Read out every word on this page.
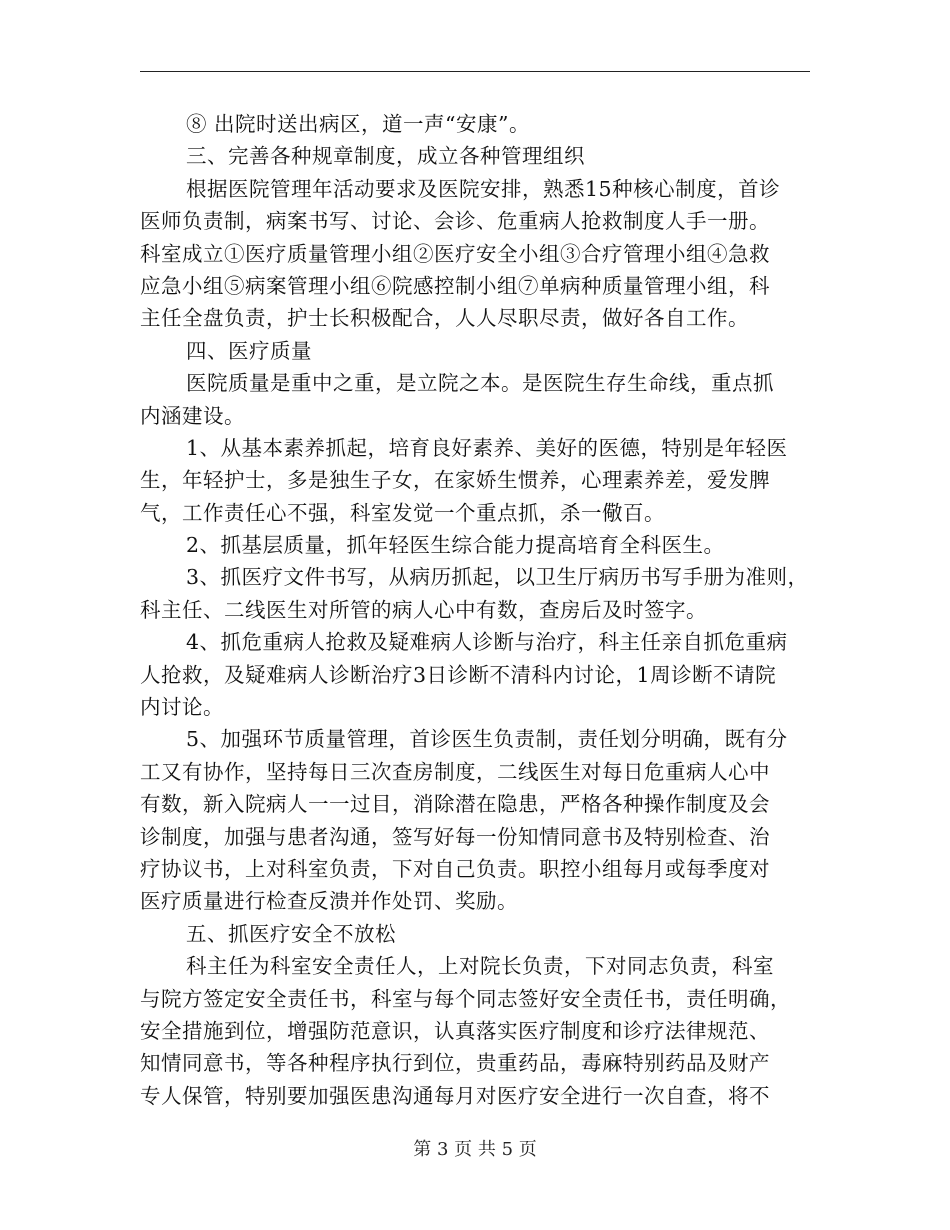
⑧ 出院时送出病区，道一声“安康”。
三、完善各种规章制度，成立各种管理组织
根据医院管理年活动要求及医院安排，熟悉15种核心制度，首诊
医师负责制，病案书写、讨论、会诊、危重病人抢救制度人手一册。
科室成立①医疗质量管理小组②医疗安全小组③合疗管理小组④急救
应急小组⑤病案管理小组⑥院感控制小组⑦单病种质量管理小组，科
主任全盘负责，护士长积极配合，人人尽职尽责，做好各自工作。
四、医疗质量
医院质量是重中之重，是立院之本。是医院生存生命线，重点抓
内涵建设。
1、从基本素养抓起，培育良好素养、美好的医德，特别是年轻医
生，年轻护士，多是独生子女，在家娇生惯养，心理素养差，爱发脾
气，工作责任心不强，科室发觉一个重点抓，杀一儆百。
2、抓基层质量，抓年轻医生综合能力提高培育全科医生。
3、抓医疗文件书写，从病历抓起，以卫生厅病历书写手册为准则，
科主任、二线医生对所管的病人心中有数，查房后及时签字。
4、抓危重病人抢救及疑难病人诊断与治疗，科主任亲自抓危重病
人抢救，及疑难病人诊断治疗3日诊断不清科内讨论，1周诊断不请院
内讨论。
5、加强环节质量管理，首诊医生负责制，责任划分明确，既有分
工又有协作，坚持每日三次查房制度，二线医生对每日危重病人心中
有数，新入院病人一一过目，消除潜在隐患，严格各种操作制度及会
诊制度，加强与患者沟通，签写好每一份知情同意书及特别检查、治
疗协议书，上对科室负责，下对自己负责。职控小组每月或每季度对
医疗质量进行检查反溃并作处罚、奖励。
五、抓医疗安全不放松
科主任为科室安全责任人，上对院长负责，下对同志负责，科室
与院方签定安全责任书，科室与每个同志签好安全责任书，责任明确，
安全措施到位，增强防范意识，认真落实医疗制度和诊疗法律规范、
知情同意书，等各种程序执行到位，贵重药品，毒麻特别药品及财产
专人保管，特别要加强医患沟通每月对医疗安全进行一次自查，将不
第 3 页 共 5 页
